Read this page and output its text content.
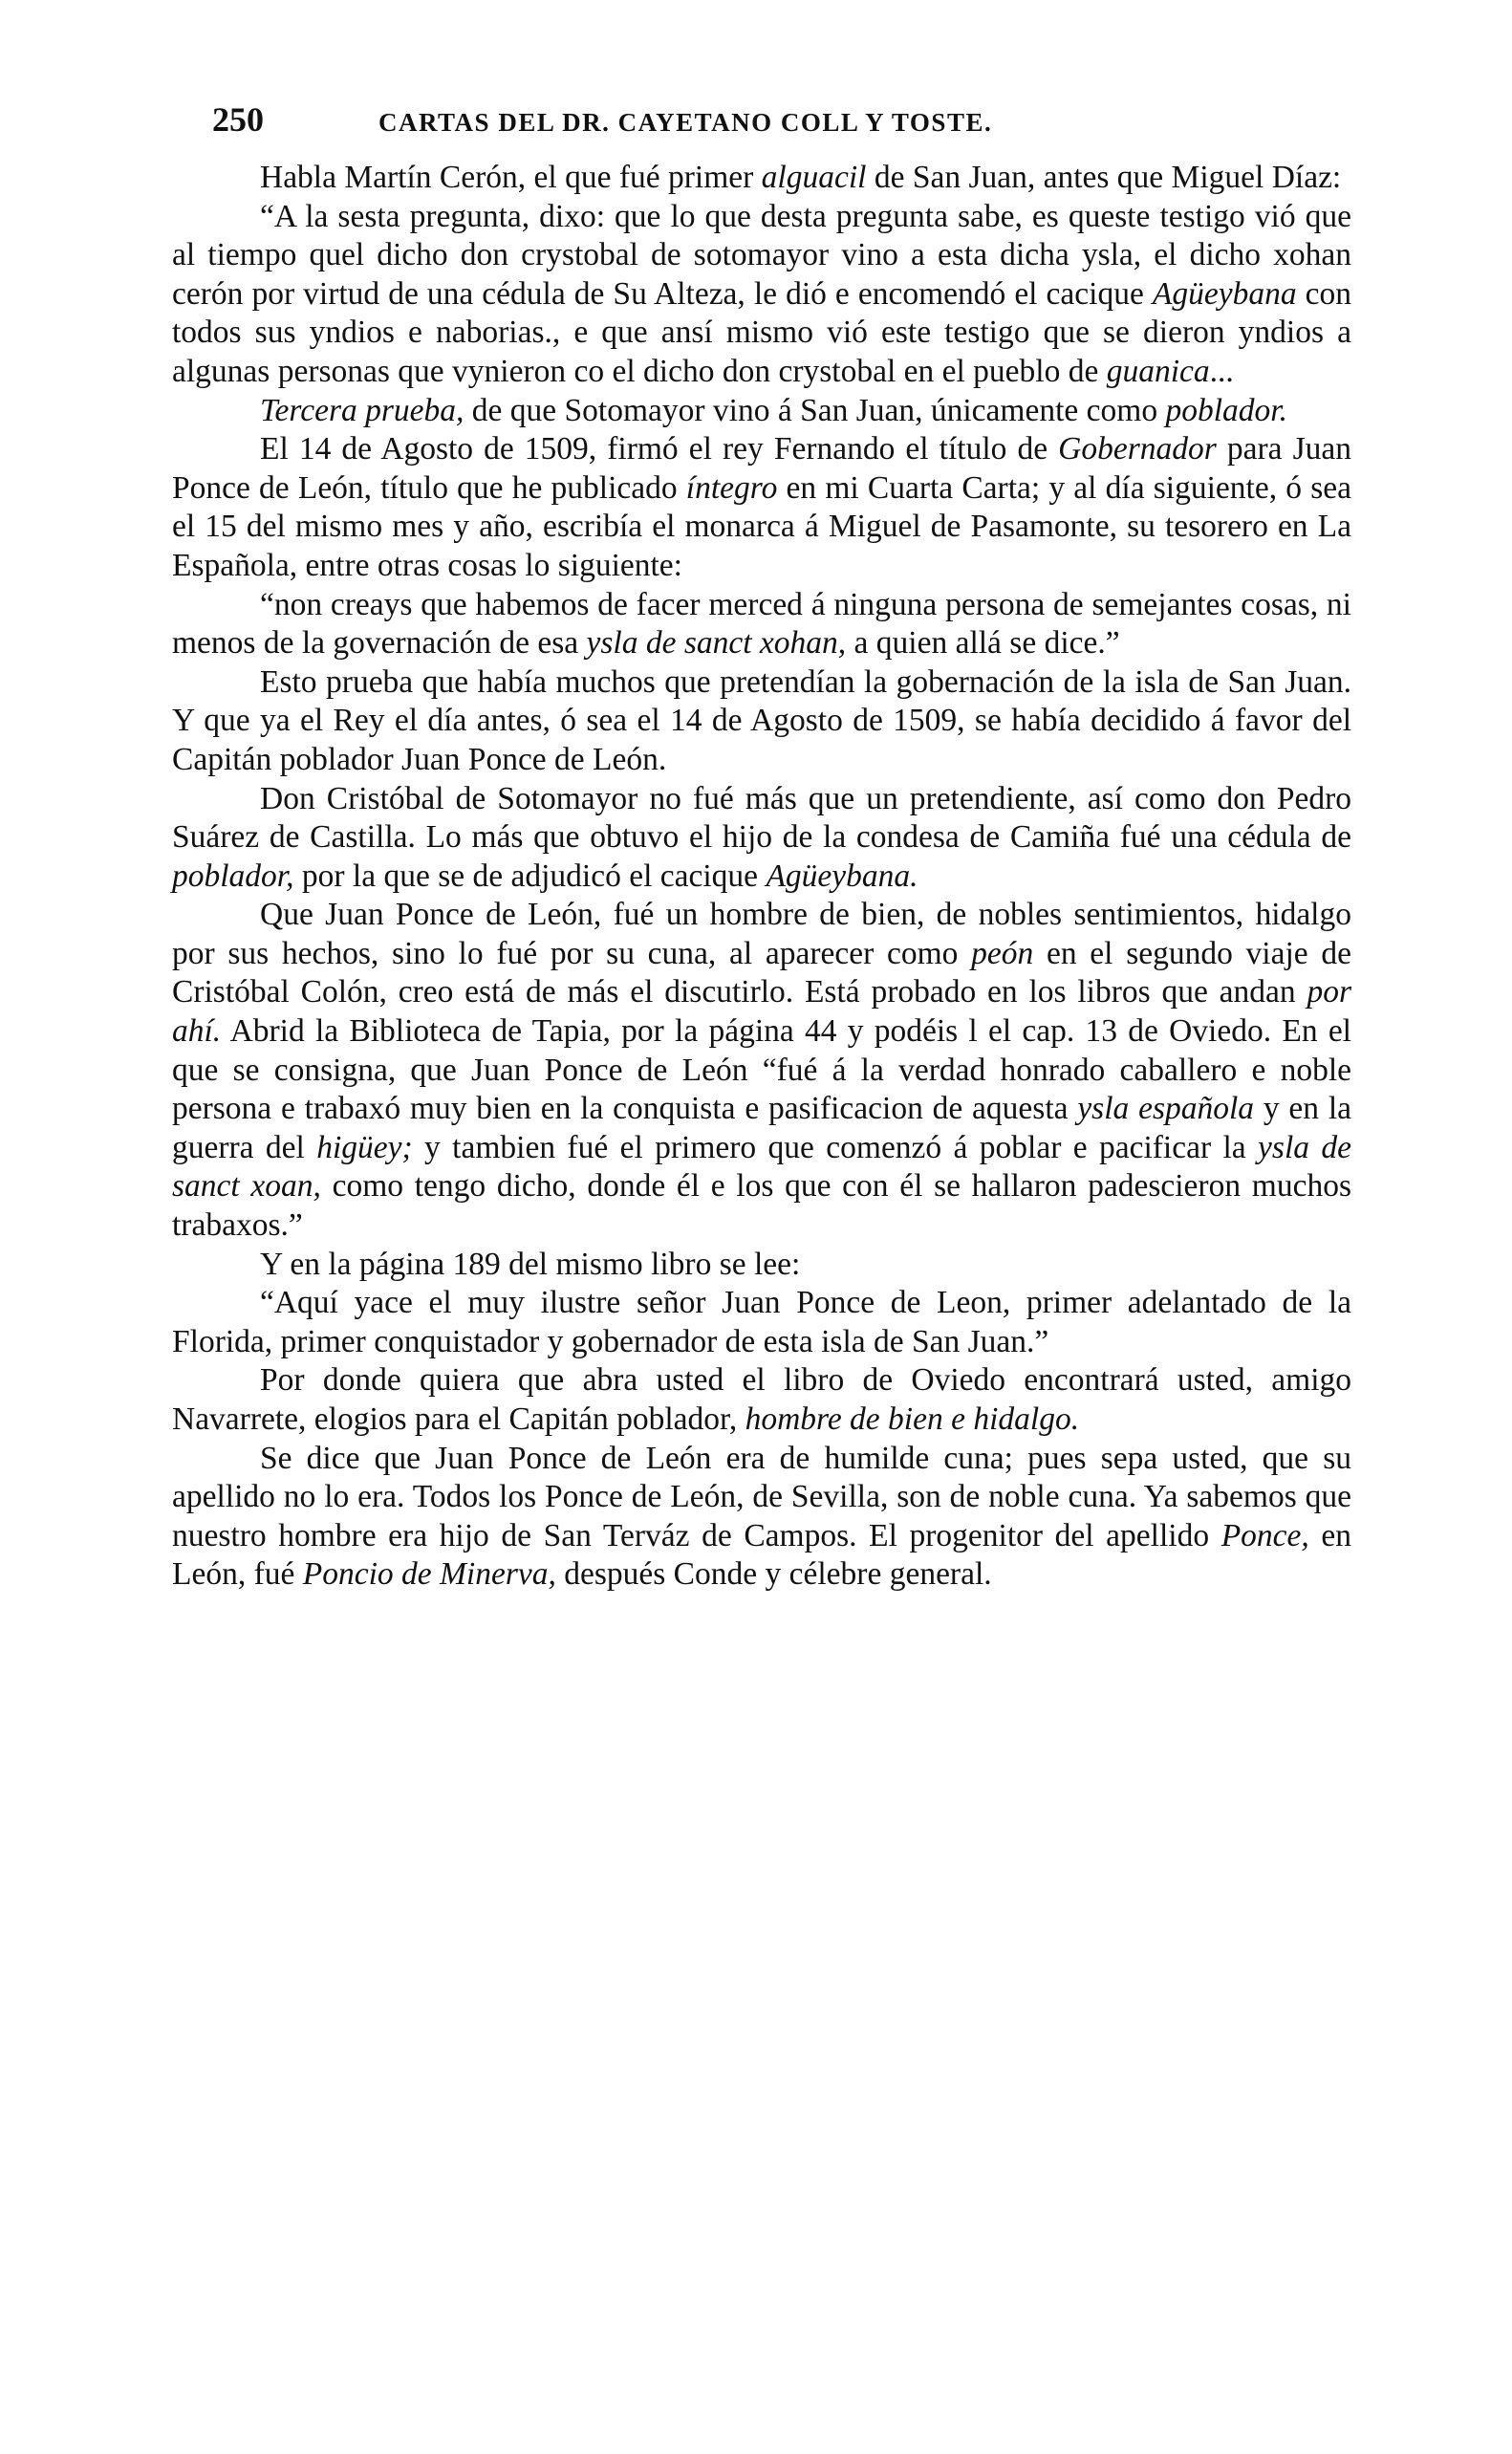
250	CARTAS DEL DR. CAYETANO COLL Y TOSTE.

Habla Martín Cerón, el que fué primer alguacil de San Juan, antes que Miguel Díaz:

“A la sesta pregunta, dixo: que lo que desta pregunta sabe, es queste testigo vió que al tiempo quel dicho don crystobal de sotomayor vino a esta dicha ysla, el dicho xohan cerón por virtud de una cédula de Su Alteza, le dió e encomendó el cacique Agüeybana con todos sus yndios e naborias., e que ansí mismo vió este testigo que se dieron yndios a algunas personas que vynieron co el dicho don crystobal en el pueblo de guanica...

Tercera prueba, de que Sotomayor vino á San Juan, únicamente como poblador.

El 14 de Agosto de 1509, firmó el rey Fernando el título de Gobernador para Juan Ponce de León, título que he publicado íntegro en mi Cuarta Carta; y al día siguiente, ó sea el 15 del mismo mes y año, escribía el monarca á Miguel de Pasamonte, su tesorero en La Española, entre otras cosas lo siguiente:

“non creays que habemos de facer merced á ninguna persona de semejantes cosas, ni menos de la governación de esa ysla de sanct xohan, a quien allá se dice.”

Esto prueba que había muchos que pretendían la gobernación de la isla de San Juan. Y que ya el Rey el día antes, ó sea el 14 de Agosto de 1509, se había decidido á favor del Capitán poblador Juan Ponce de León.

Don Cristóbal de Sotomayor no fué más que un pretendiente, así como don Pedro Suárez de Castilla. Lo más que obtuvo el hijo de la condesa de Camiña fué una cédula de poblador, por la que se de adjudicó el cacique Agüeybana.

Que Juan Ponce de León, fué un hombre de bien, de nobles sentimientos, hidalgo por sus hechos, sino lo fué por su cuna, al aparecer como peón en el segundo viaje de Cristóbal Colón, creo está de más el discutirlo. Está probado en los libros que andan por ahí. Abrid la Biblioteca de Tapia, por la página 44 y podéis l el cap. 13 de Oviedo. En el que se consigna, que Juan Ponce de León “fué á la verdad honrado caballero e noble persona e trabaxó muy bien en la conquista e pasificacion de aquesta ysla española y en la guerra del higüey; y tambien fué el primero que comenzó á poblar e pacificar la ysla de sanct xoan, como tengo dicho, donde él e los que con él se hallaron padescieron muchos trabaxos.”

Y en la página 189 del mismo libro se lee:

“Aquí yace el muy ilustre señor Juan Ponce de Leon, primer adelantado de la Florida, primer conquistador y gobernador de esta isla de San Juan.”

Por donde quiera que abra usted el libro de Oviedo encontrará usted, amigo Navarrete, elogios para el Capitán poblador, hombre de bien e hidalgo.

Se dice que Juan Ponce de León era de humilde cuna; pues sepa usted, que su apellido no lo era. Todos los Ponce de León, de Sevilla, son de noble cuna. Ya sabemos que nuestro hombre era hijo de San Terváz de Campos. El progenitor del apellido Ponce, en León, fué Poncio de Minerva, después Conde y célebre general.
